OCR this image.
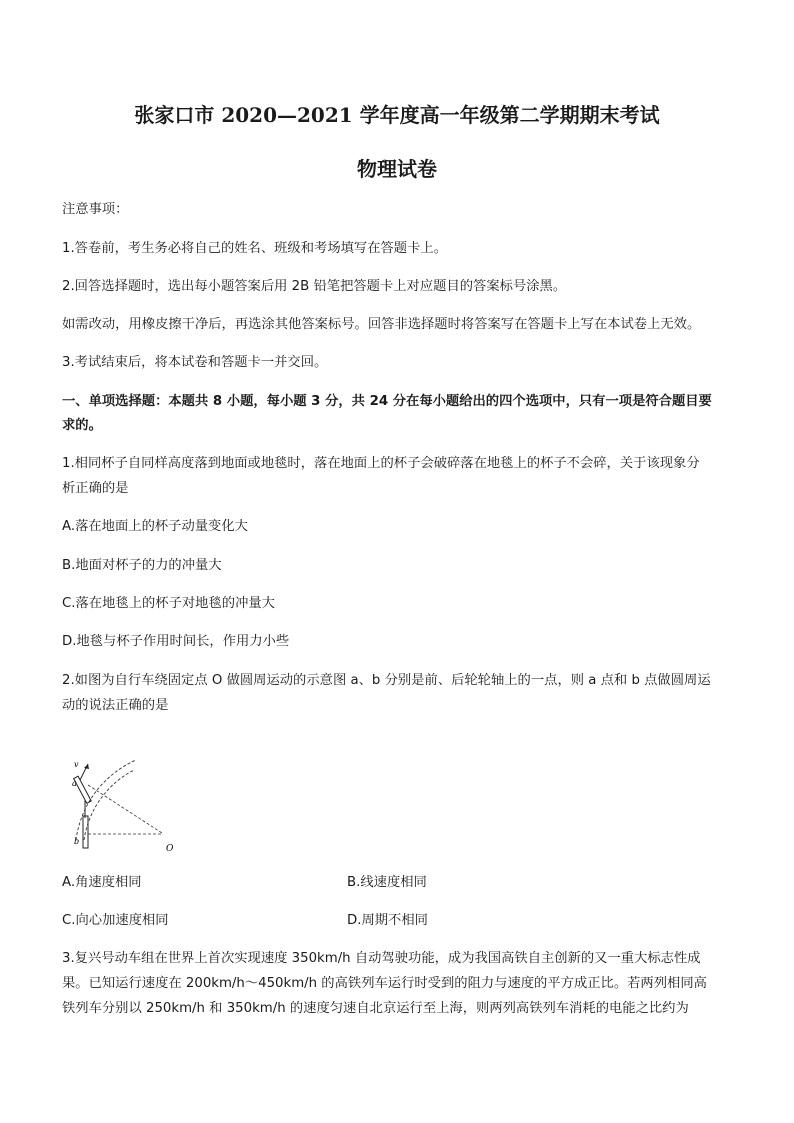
张家口市 2020—2021 学年度高一年级第二学期期末考试
物理试卷
注意事项：
1.答卷前，考生务必将自己的姓名、班级和考场填写在答题卡上。
2.回答选择题时，选出每小题答案后用 2B 铅笔把答题卡上对应题目的答案标号涂黑。
如需改动，用橡皮擦干净后，再选涂其他答案标号。回答非选择题时将答案写在答题卡上写在本试卷上无效。
3.考试结束后，将本试卷和答题卡一并交回。
一、单项选择题：本题共 8 小题，每小题 3 分，共 24 分在每小题给出的四个选项中，只有一项是符合题目要
求的。
1.相同杯子自同样高度落到地面或地毯时，落在地面上的杯子会破碎落在地毯上的杯子不会碎，关于该现象分
析正确的是
A.落在地面上的杯子动量变化大
B.地面对杯子的力的冲量大
C.落在地毯上的杯子对地毯的冲量大
D.地毯与杯子作用时间长，作用力小些
2.如图为自行车绕固定点 O 做圆周运动的示意图 a、b 分别是前、后轮轮轴上的一点，则 a 点和 b 点做圆周运
动的说法正确的是
v
a
b
O
A.角速度相同	B.线速度相同
C.向心加速度相同	D.周期不相同
3.复兴号动车组在世界上首次实现速度 350km/h 自动驾驶功能，成为我国高铁自主创新的又一重大标志性成
果。已知运行速度在 200km/h～450km/h 的高铁列车运行时受到的阻力与速度的平方成正比。若两列相同高
铁列车分别以 250km/h 和 350km/h 的速度匀速自北京运行至上海，则两列高铁列车消耗的电能之比约为
